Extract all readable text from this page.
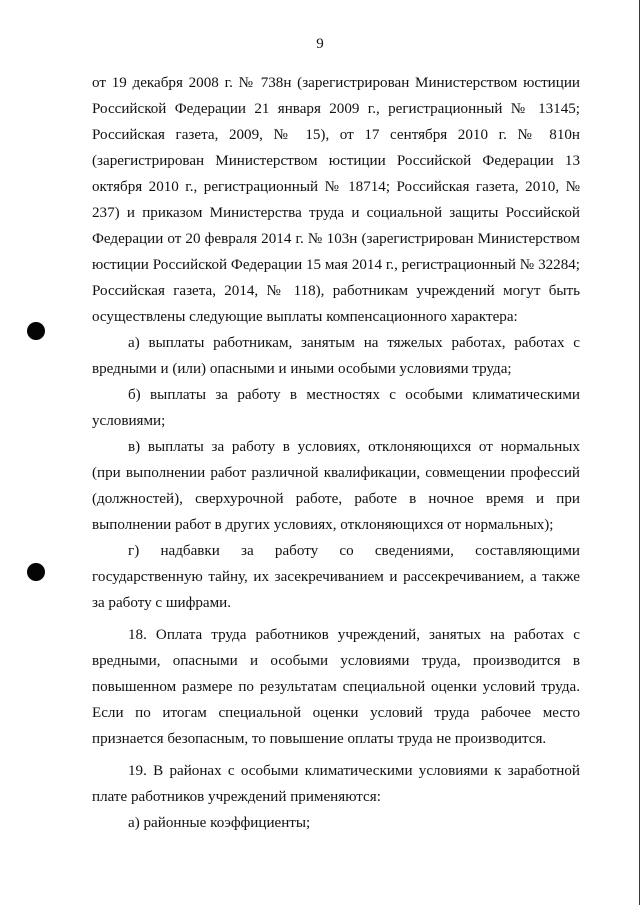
9

от 19 декабря 2008 г. № 738н (зарегистрирован Министерством юстиции Российской Федерации 21 января 2009 г., регистрационный № 13145; Российская газета, 2009, № 15), от 17 сентября 2010 г. № 810н (зарегистрирован Министерством юстиции Российской Федерации 13 октября 2010 г., регистрационный № 18714; Российская газета, 2010, № 237) и приказом Министерства труда и социальной защиты Российской Федерации от 20 февраля 2014 г. № 103н (зарегистрирован Министерством юстиции Российской Федерации 15 мая 2014 г., регистрационный № 32284; Российская газета, 2014, № 118), работникам учреждений могут быть осуществлены следующие выплаты компенсационного характера:

а) выплаты работникам, занятым на тяжелых работах, работах с вредными и (или) опасными и иными особыми условиями труда;

б) выплаты за работу в местностях с особыми климатическими условиями;

в) выплаты за работу в условиях, отклоняющихся от нормальных (при выполнении работ различной квалификации, совмещении профессий (должностей), сверхурочной работе, работе в ночное время и при выполнении работ в других условиях, отклоняющихся от нормальных);

г) надбавки за работу со сведениями, составляющими государственную тайну, их засекречиванием и рассекречиванием, а также за работу с шифрами.

18. Оплата труда работников учреждений, занятых на работах с вредными, опасными и особыми условиями труда, производится в повышенном размере по результатам специальной оценки условий труда. Если по итогам специальной оценки условий труда рабочее место признается безопасным, то повышение оплаты труда не производится.

19. В районах с особыми климатическими условиями к заработной плате работников учреждений применяются:

а) районные коэффициенты;
